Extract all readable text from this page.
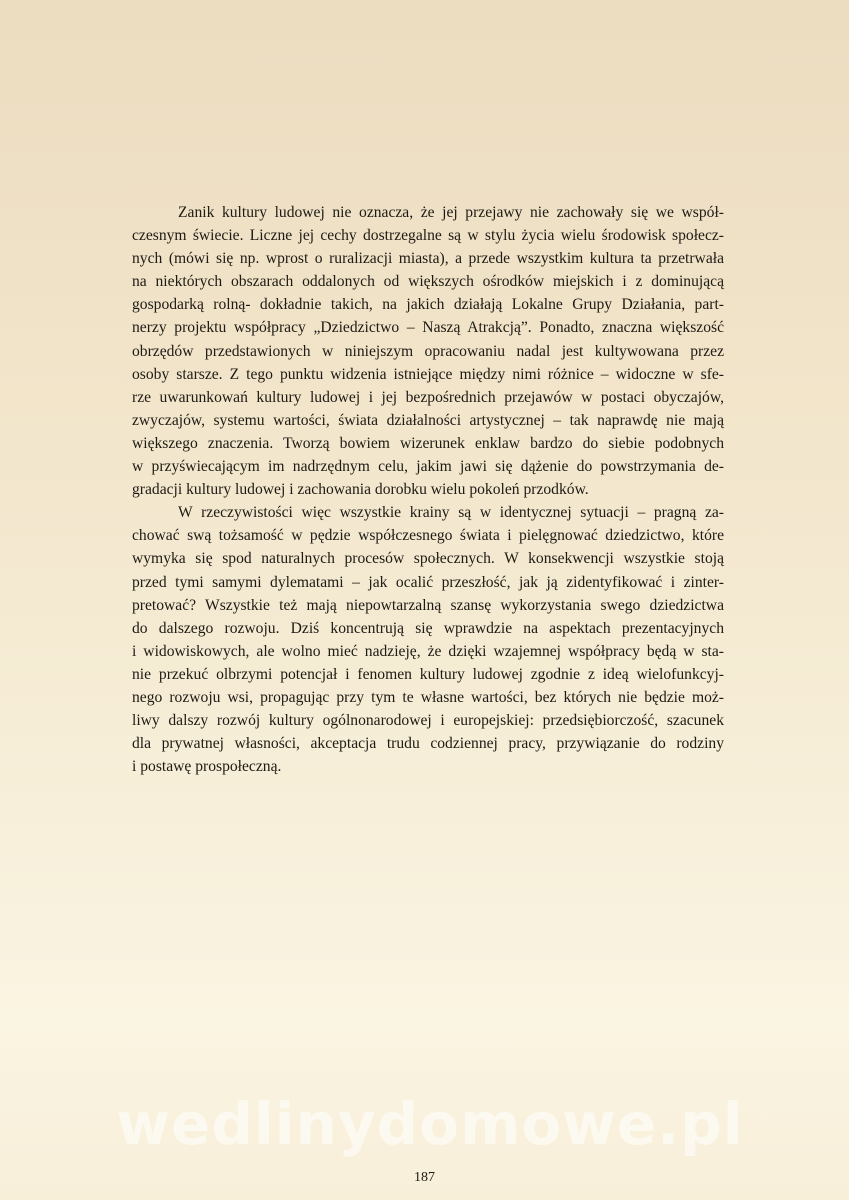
Zanik kultury ludowej nie oznacza, że jej przejawy nie zachowały się we współ-
czesnym świecie. Liczne jej cechy dostrzegalne są w stylu życia wielu środowisk społecz-
nych (mówi się np. wprost o ruralizacji miasta), a przede wszystkim kultura ta przetrwała
na niektórych obszarach oddalonych od większych ośrodków miejskich i z dominującą
gospodarką rolną- dokładnie takich, na jakich działają Lokalne Grupy Działania, part-
nerzy projektu współpracy „Dziedzictwo – Naszą Atrakcją”. Ponadto, znaczna większość
obrzędów przedstawionych w niniejszym opracowaniu nadal jest kultywowana przez
osoby starsze. Z tego punktu widzenia istniejące między nimi różnice – widoczne w sfe-
rze uwarunkowań kultury ludowej i jej bezpośrednich przejawów w postaci obyczajów,
zwyczajów, systemu wartości, świata działalności artystycznej – tak naprawdę nie mają
większego znaczenia. Tworzą bowiem wizerunek enklaw bardzo do siebie podobnych
w przyświecającym im nadrzędnym celu, jakim jawi się dążenie do powstrzymania de-
gradacji kultury ludowej i zachowania dorobku wielu pokoleń przodków.

W rzeczywistości więc wszystkie krainy są w identycznej sytuacji – pragną za-
chować swą tożsamość w pędzie współczesnego świata i pielęgnować dziedzictwo, które
wymyka się spod naturalnych procesów społecznych. W konsekwencji wszystkie stoją
przed tymi samymi dylematami – jak ocalić przeszłość, jak ją zidentyfikować i zinter-
pretować? Wszystkie też mają niepowtarzalną szansę wykorzystania swego dziedzictwa
do dalszego rozwoju. Dziś koncentrują się wprawdzie na aspektach prezentacyjnych
i widowiskowych, ale wolno mieć nadzieję, że dzięki wzajemnej współpracy będą w sta-
nie przekuć olbrzymi potencjał i fenomen kultury ludowej zgodnie z ideą wielofunkcyj-
nego rozwoju wsi, propagując przy tym te własne wartości, bez których nie będzie moż-
liwy dalszy rozwój kultury ogólnonarodowej i europejskiej: przedsiębiorczość, szacunek
dla prywatnej własności, akceptacja trudu codziennej pracy, przywiązanie do rodziny
i postawę prospołeczną.

wedlinydomowe.pl
187
